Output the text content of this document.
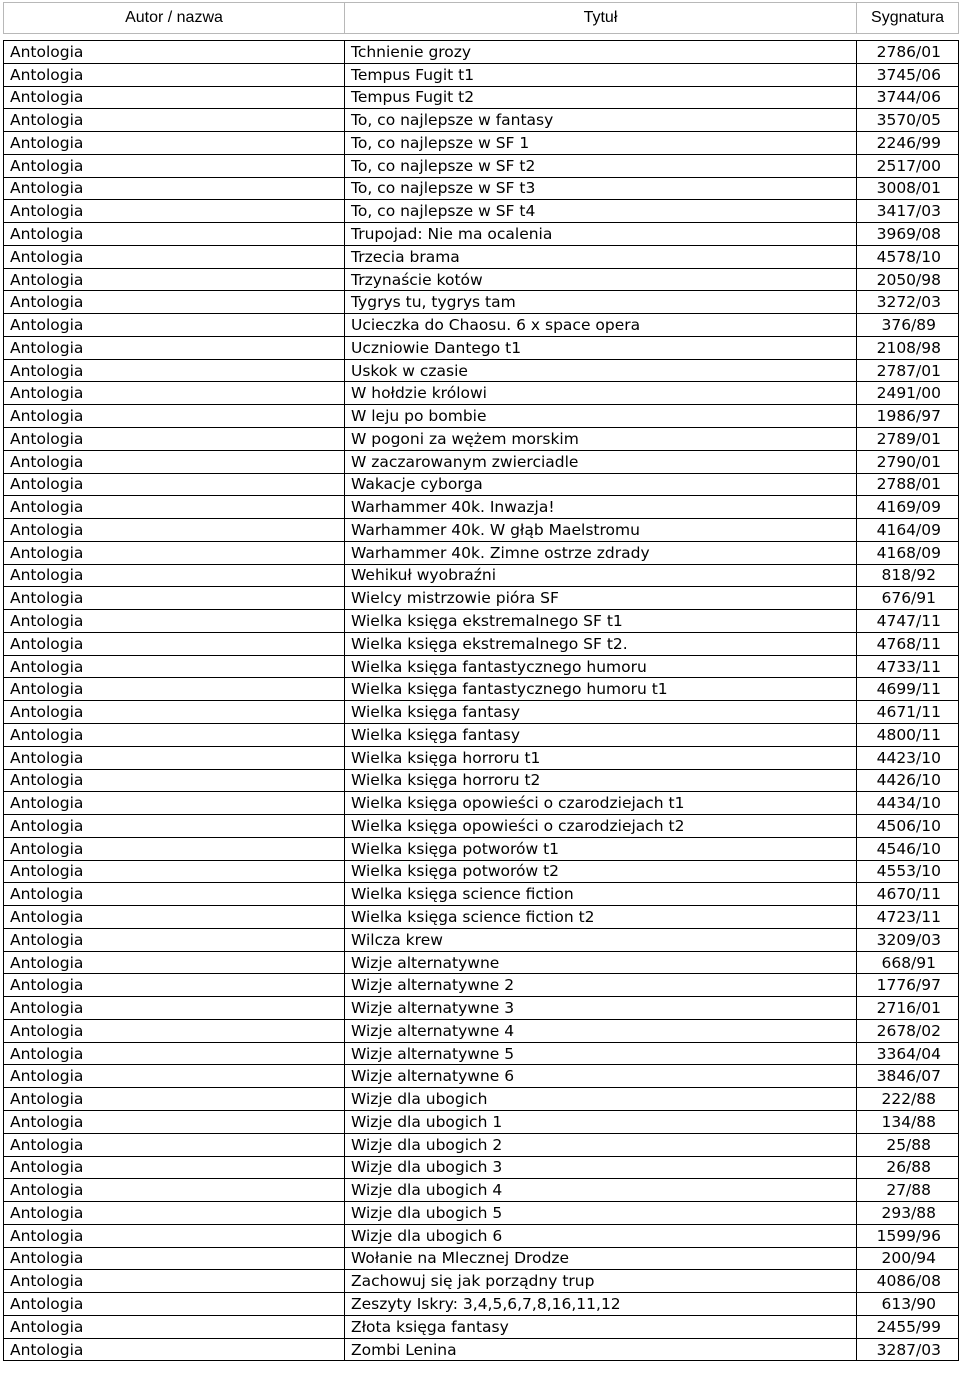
Autor / nazwa	Tytuł	Sygnatura

Antologia	Tchnienie grozy	2786/01
Antologia	Tempus Fugit t1	3745/06
Antologia	Tempus Fugit t2	3744/06
Antologia	To, co najlepsze w fantasy	3570/05
Antologia	To, co najlepsze w SF 1	2246/99
Antologia	To, co najlepsze w SF t2	2517/00
Antologia	To, co najlepsze w SF t3	3008/01
Antologia	To, co najlepsze w SF t4	3417/03
Antologia	Trupojad: Nie ma ocalenia	3969/08
Antologia	Trzecia brama	4578/10
Antologia	Trzynaście kotów	2050/98
Antologia	Tygrys tu, tygrys tam	3272/03
Antologia	Ucieczka do Chaosu. 6 x space opera	376/89
Antologia	Uczniowie Dantego t1	2108/98
Antologia	Uskok w czasie	2787/01
Antologia	W hołdzie królowi	2491/00
Antologia	W leju po bombie	1986/97
Antologia	W pogoni za wężem morskim	2789/01
Antologia	W zaczarowanym zwierciadle	2790/01
Antologia	Wakacje cyborga	2788/01
Antologia	Warhammer 40k. Inwazja!	4169/09
Antologia	Warhammer 40k. W głąb Maelstromu	4164/09
Antologia	Warhammer 40k. Zimne ostrze zdrady	4168/09
Antologia	Wehikuł wyobraźni	818/92
Antologia	Wielcy mistrzowie pióra SF	676/91
Antologia	Wielka księga ekstremalnego SF t1	4747/11
Antologia	Wielka księga ekstremalnego SF t2.	4768/11
Antologia	Wielka księga fantastycznego humoru	4733/11
Antologia	Wielka księga fantastycznego humoru t1	4699/11
Antologia	Wielka księga fantasy	4671/11
Antologia	Wielka księga fantasy	4800/11
Antologia	Wielka księga horroru t1	4423/10
Antologia	Wielka księga horroru t2	4426/10
Antologia	Wielka księga opowieści o czarodziejach t1	4434/10
Antologia	Wielka księga opowieści o czarodziejach t2	4506/10
Antologia	Wielka księga potworów t1	4546/10
Antologia	Wielka księga potworów t2	4553/10
Antologia	Wielka księga science fiction	4670/11
Antologia	Wielka księga science fiction t2	4723/11
Antologia	Wilcza krew	3209/03
Antologia	Wizje alternatywne	668/91
Antologia	Wizje alternatywne 2	1776/97
Antologia	Wizje alternatywne 3	2716/01
Antologia	Wizje alternatywne 4	2678/02
Antologia	Wizje alternatywne 5	3364/04
Antologia	Wizje alternatywne 6	3846/07
Antologia	Wizje dla ubogich	222/88
Antologia	Wizje dla ubogich 1	134/88
Antologia	Wizje dla ubogich 2	25/88
Antologia	Wizje dla ubogich 3	26/88
Antologia	Wizje dla ubogich 4	27/88
Antologia	Wizje dla ubogich 5	293/88
Antologia	Wizje dla ubogich 6	1599/96
Antologia	Wołanie na Mlecznej Drodze	200/94
Antologia	Zachowuj się jak porządny trup	4086/08
Antologia	Zeszyty Iskry: 3,4,5,6,7,8,16,11,12	613/90
Antologia	Złota księga fantasy	2455/99
Antologia	Zombi Lenina	3287/03
